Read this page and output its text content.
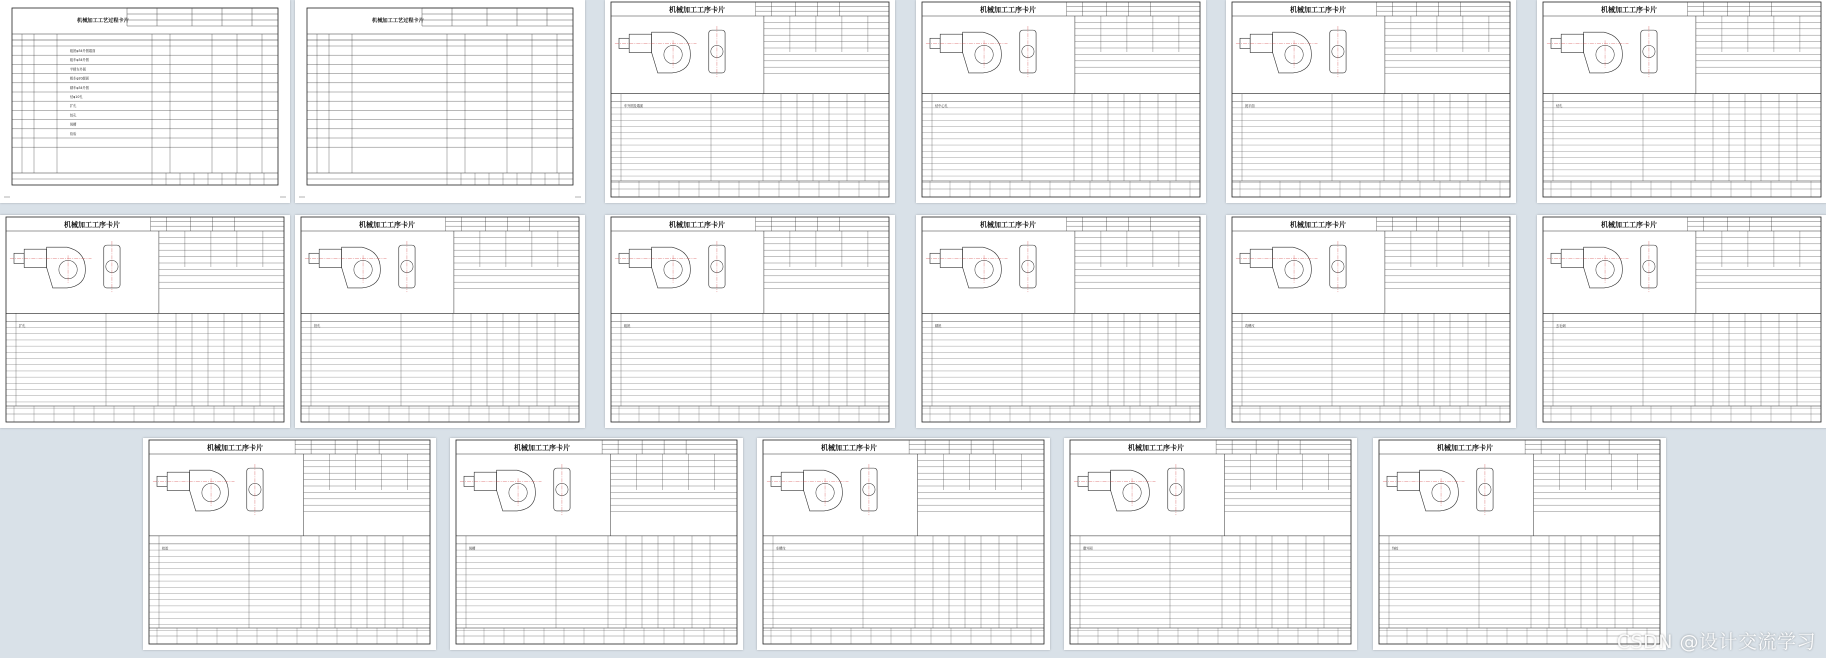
机械加工工艺过程卡片
粗铣φ34外圆端面
粗车φ34外圆
半精车外圆
粗车φ20端面
精车φ34外圆
钻φ10孔
扩孔
铰孔
铣槽
检验
机械加工工艺过程卡片
机械加工工序卡片
车外圆及端面
机械加工工序卡片
钻中心孔
机械加工工序卡片
铣平面
机械加工工序卡片
钻孔
机械加工工序卡片
扩孔
机械加工工序卡片
铰孔
机械加工工序卡片
粗铣
机械加工工序卡片
精铣
机械加工工序卡片
攻螺纹
机械加工工序卡片
去毛刺
机械加工工序卡片
检验
机械加工工序卡片
铣槽
机械加工工序卡片
车螺纹
机械加工工序卡片
磨外圆
机械加工工序卡片
终检
CSDN @设计交流学习
